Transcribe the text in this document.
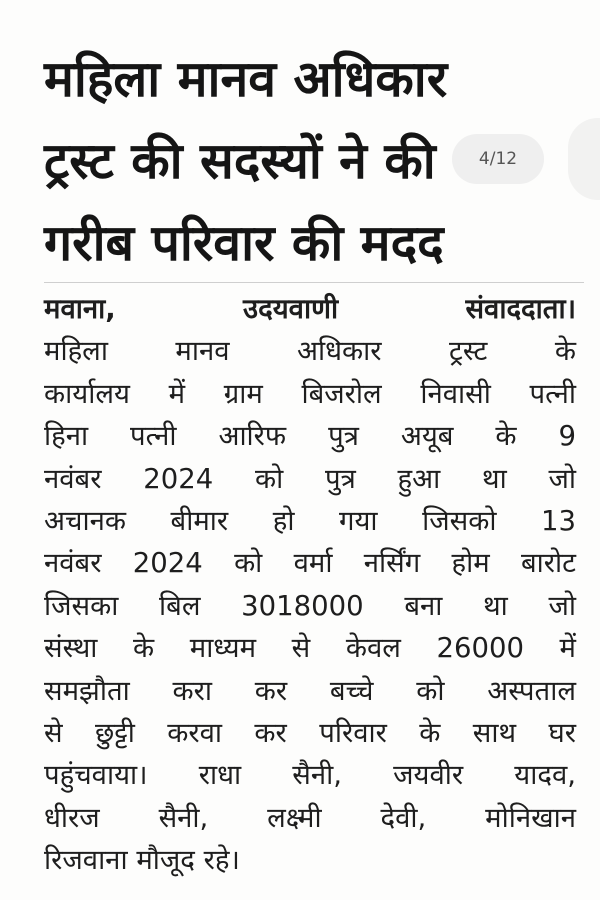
महिला मानव अधिकार
ट्रस्ट की सदस्यों ने की
गरीब परिवार की मदद
मवाना, उदयवाणी संवाददाता।
महिला मानव अधिकार ट्रस्ट के
कार्यालय में ग्राम बिजरोल निवासी पत्नी
हिना पत्नी आरिफ पुत्र अयूब के 9
नवंबर 2024 को पुत्र हुआ था जो
अचानक बीमार हो गया जिसको 13
नवंबर 2024 को वर्मा नर्सिंग होम बारोट
जिसका बिल 3018000 बना था जो
संस्था के माध्यम से केवल 26000 में
समझौता करा कर बच्चे को अस्पताल
से छुट्टी करवा कर परिवार के साथ घर
पहुंचवाया। राधा सैनी, जयवीर यादव,
धीरज सैनी, लक्ष्मी देवी, मोनिखान
रिजवाना मौजूद रहे।
4/12
